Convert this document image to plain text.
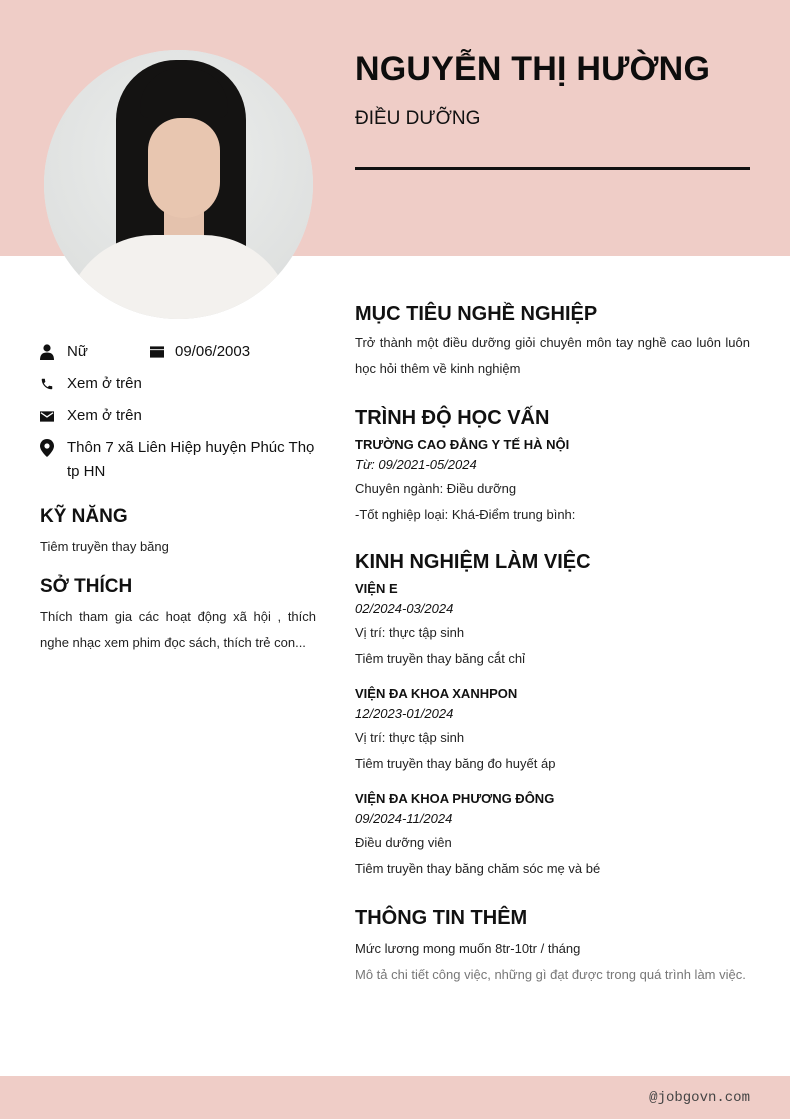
NGUYỄN THỊ HƯỜNG
ĐIỀU DƯỠNG
Nữ	09/06/2003
Xem ở trên
Xem ở trên
Thôn 7 xã Liên Hiệp huyện Phúc Thọ tp HN
KỸ NĂNG
Tiêm truyền thay băng
SỞ THÍCH
Thích tham gia các hoạt động xã hội , thích nghe nhạc xem phim đọc sách, thích trẻ con...
MỤC TIÊU NGHỀ NGHIỆP
Trở thành một điều dưỡng giỏi chuyên môn tay nghề cao luôn luôn học hỏi thêm về kinh nghiệm
TRÌNH ĐỘ HỌC VẤN
TRƯỜNG CAO ĐẲNG Y TẾ HÀ NỘI
Từ: 09/2021-05/2024
Chuyên ngành: Điều dưỡng
-Tốt nghiệp loại: Khá-Điểm trung bình:
KINH NGHIỆM LÀM VIỆC
VIỆN E
02/2024-03/2024
Vị trí: thực tập sinh
Tiêm truyền thay băng cắt chỉ
VIỆN ĐA KHOA XANHPON
12/2023-01/2024
Vị trí: thực tập sinh
Tiêm truyền thay băng đo huyết áp
VIỆN ĐA KHOA PHƯƠNG ĐÔNG
09/2024-11/2024
Điều dưỡng viên
Tiêm truyền thay băng chăm sóc mẹ và bé
THÔNG TIN THÊM
Mức lương mong muốn 8tr-10tr / tháng
Mô tả chi tiết công việc, những gì đạt được trong quá trình làm việc.
@jobgovn.com
